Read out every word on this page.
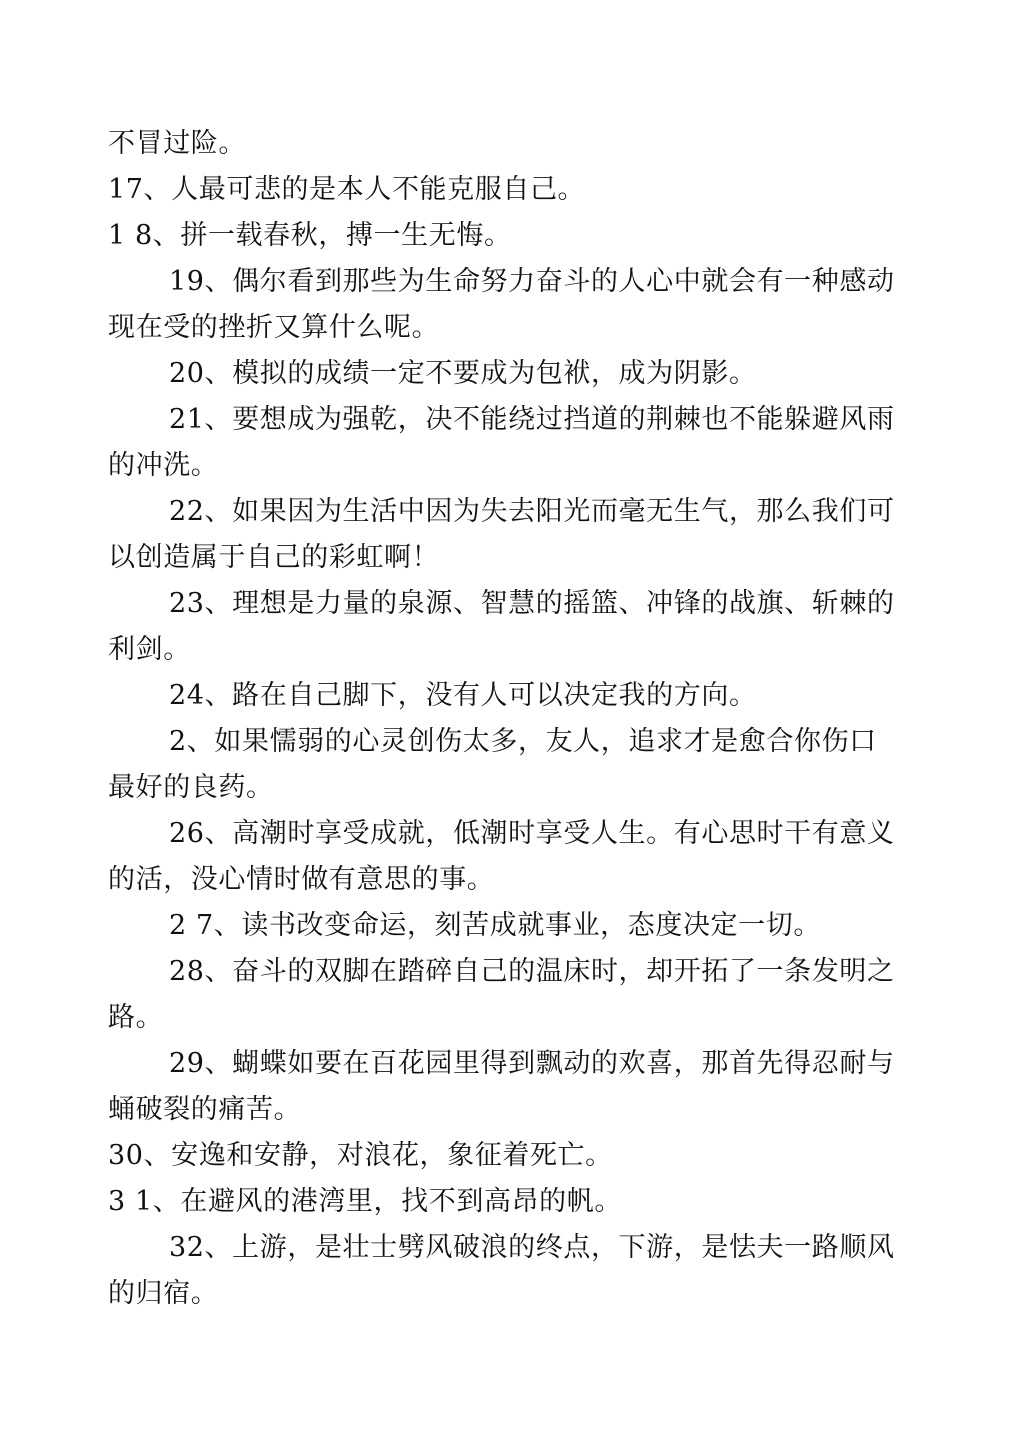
不冒过险。

17、人最可悲的是本人不能克服自己。

1 8、拼一载春秋，搏一生无悔。

19、偶尔看到那些为生命努力奋斗的人心中就会有一种感动现在受的挫折又算什么呢。

20、模拟的成绩一定不要成为包袱，成为阴影。

21、要想成为强乾，决不能绕过挡道的荆棘也不能躲避风雨的冲洗。

22、如果因为生活中因为失去阳光而毫无生气，那么我们可以创造属于自己的彩虹啊！

23、理想是力量的泉源、智慧的摇篮、冲锋的战旗、斩棘的利剑。

24、路在自己脚下，没有人可以决定我的方向。

2、如果懦弱的心灵创伤太多，友人，追求才是愈合你伤口最好的良药。

26、高潮时享受成就，低潮时享受人生。有心思时干有意义的活，没心情时做有意思的事。

2 7、读书改变命运，刻苦成就事业，态度决定一切。

28、奋斗的双脚在踏碎自己的温床时，却开拓了一条发明之路。

29、蝴蝶如要在百花园里得到飘动的欢喜，那首先得忍耐与蛹破裂的痛苦。

30、安逸和安静，对浪花，象征着死亡。

3 1、在避风的港湾里，找不到高昂的帆。

32、上游，是壮士劈风破浪的终点，下游，是怯夫一路顺风的归宿。
